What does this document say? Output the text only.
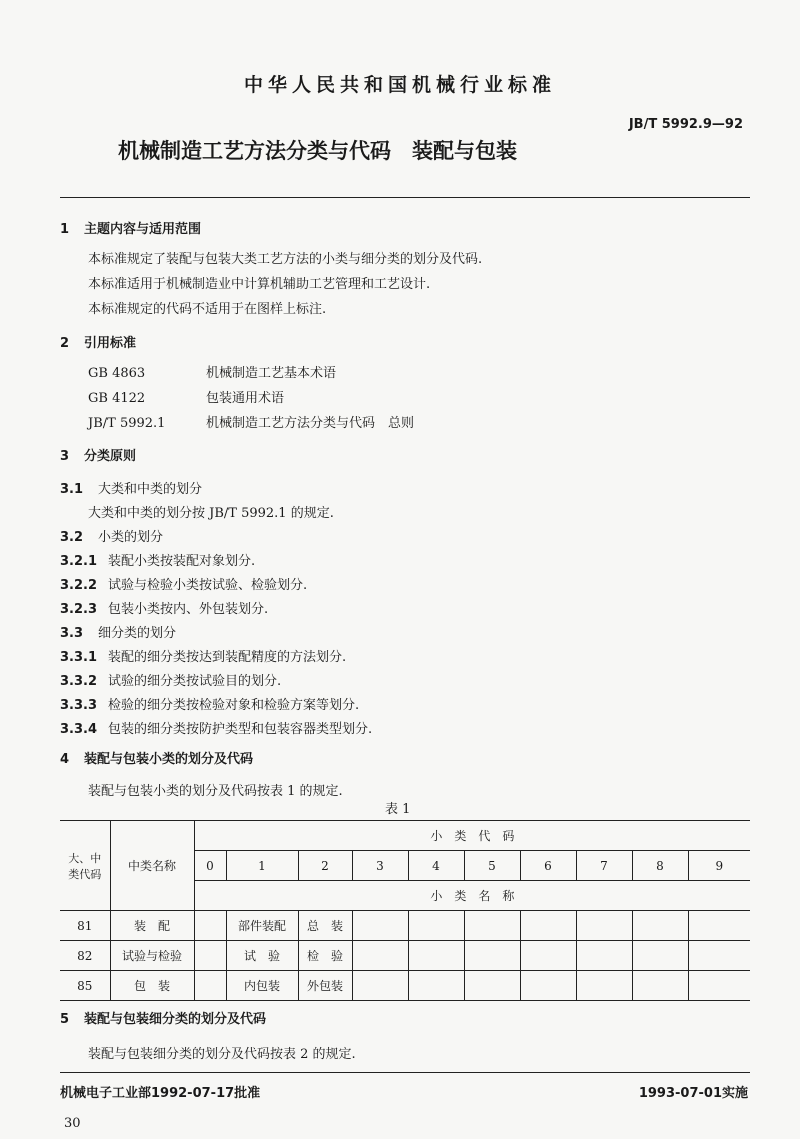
中华人民共和国机械行业标准
JB/T 5992.9—92
机械制造工艺方法分类与代码　装配与包装
1 主题内容与适用范围
本标准规定了装配与包装大类工艺方法的小类与细分类的划分及代码.
本标准适用于机械制造业中计算机辅助工艺管理和工艺设计.
本标准规定的代码不适用于在图样上标注.
2 引用标准
GB 4863	机械制造工艺基本术语
GB 4122	包装通用术语
JB/T 5992.1	机械制造工艺方法分类与代码　总则
3 分类原则
3.1 大类和中类的划分
大类和中类的划分按 JB/T 5992.1 的规定.
3.2 小类的划分
3.2.1 装配小类按装配对象划分.
3.2.2 试验与检验小类按试验、检验划分.
3.2.3 包装小类按内、外包装划分.
3.3 细分类的划分
3.3.1 装配的细分类按达到装配精度的方法划分.
3.3.2 试验的细分类按试验目的划分.
3.3.3 检验的细分类按检验对象和检验方案等划分.
3.3.4 包装的细分类按防护类型和包装容器类型划分.
4 装配与包装小类的划分及代码
装配与包装小类的划分及代码按表 1 的规定.
表 1
大、中
类代码	中类名称	小　类　代　码									
		0	1	2	3	4	5	6	7	8	9
		小　类　名　称									
81	装　配		部件装配	总　装							
82	试验与检验		试　验	检　验							
85	包　装		内包装	外包装							
5 装配与包装细分类的划分及代码
装配与包装细分类的划分及代码按表 2 的规定.
机械电子工业部1992-07-17批准	1993-07-01实施
30
